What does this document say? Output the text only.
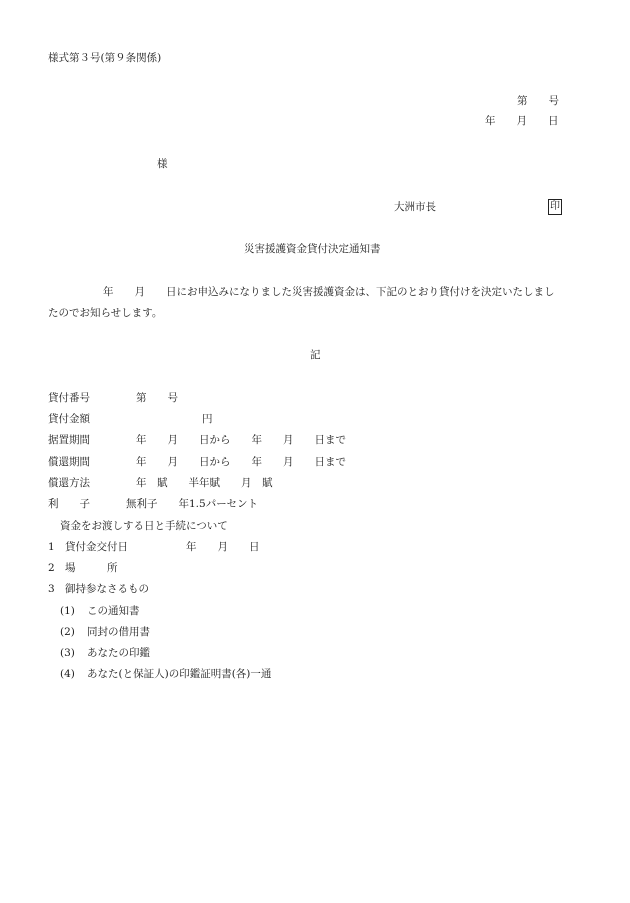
様式第３号(第９条関係)
第　　号
年　　月　　日
様
大洲市長	印
災害援護資金貸付決定通知書
年　　月　　日にお申込みになりました災害援護資金は、下記のとおり貸付けを決定いたしまし
たのでお知らせします。
記
貸付番号	第　　号
貸付金額	円
据置期間	年　　月　　日から　　年　　月　　日まで
償還期間	年　　月　　日から　　年　　月　　日まで
償還方法	年　賦　　半年賦　　月　賦
利　　子	無利子　　年1.5パーセント
資金をお渡しする日と手続について
1 貸付金交付日	年　　月　　日
2 場　　　所
3 御持参なさるもの
(1) この通知書
(2) 同封の借用書
(3) あなたの印鑑
(4) あなた(と保証人)の印鑑証明書(各)一通
